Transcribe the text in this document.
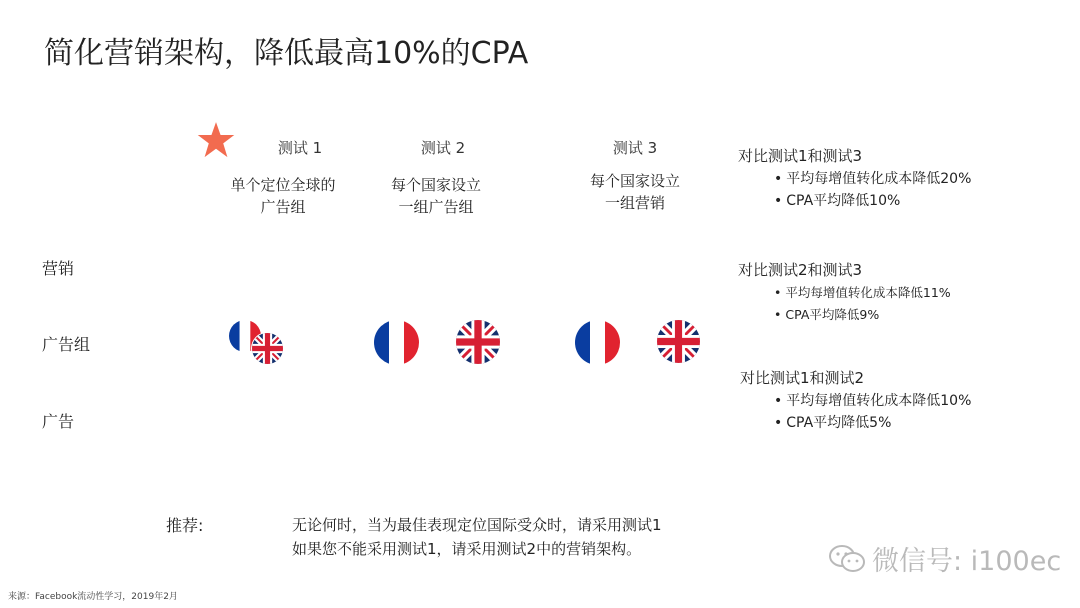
简化营销架构，降低最高10%的CPA
测试 1	测试 2	测试 3
单个定位全球的
广告组
每个国家设立
一组广告组
每个国家设立
一组营销
营销
广告组
广告
对比测试1和测试3
• 平均每增值转化成本降低20%
• CPA平均降低10%
对比测试2和测试3
• 平均每增值转化成本降低11%
• CPA平均降低9%
对比测试1和测试2
• 平均每增值转化成本降低10%
• CPA平均降低5%
推荐:	无论何时，当为最佳表现定位国际受众时，请采用测试1
如果您不能采用测试1，请采用测试2中的营销架构。	微信号: i100ec
来源：Facebook流动性学习，2019年2月
